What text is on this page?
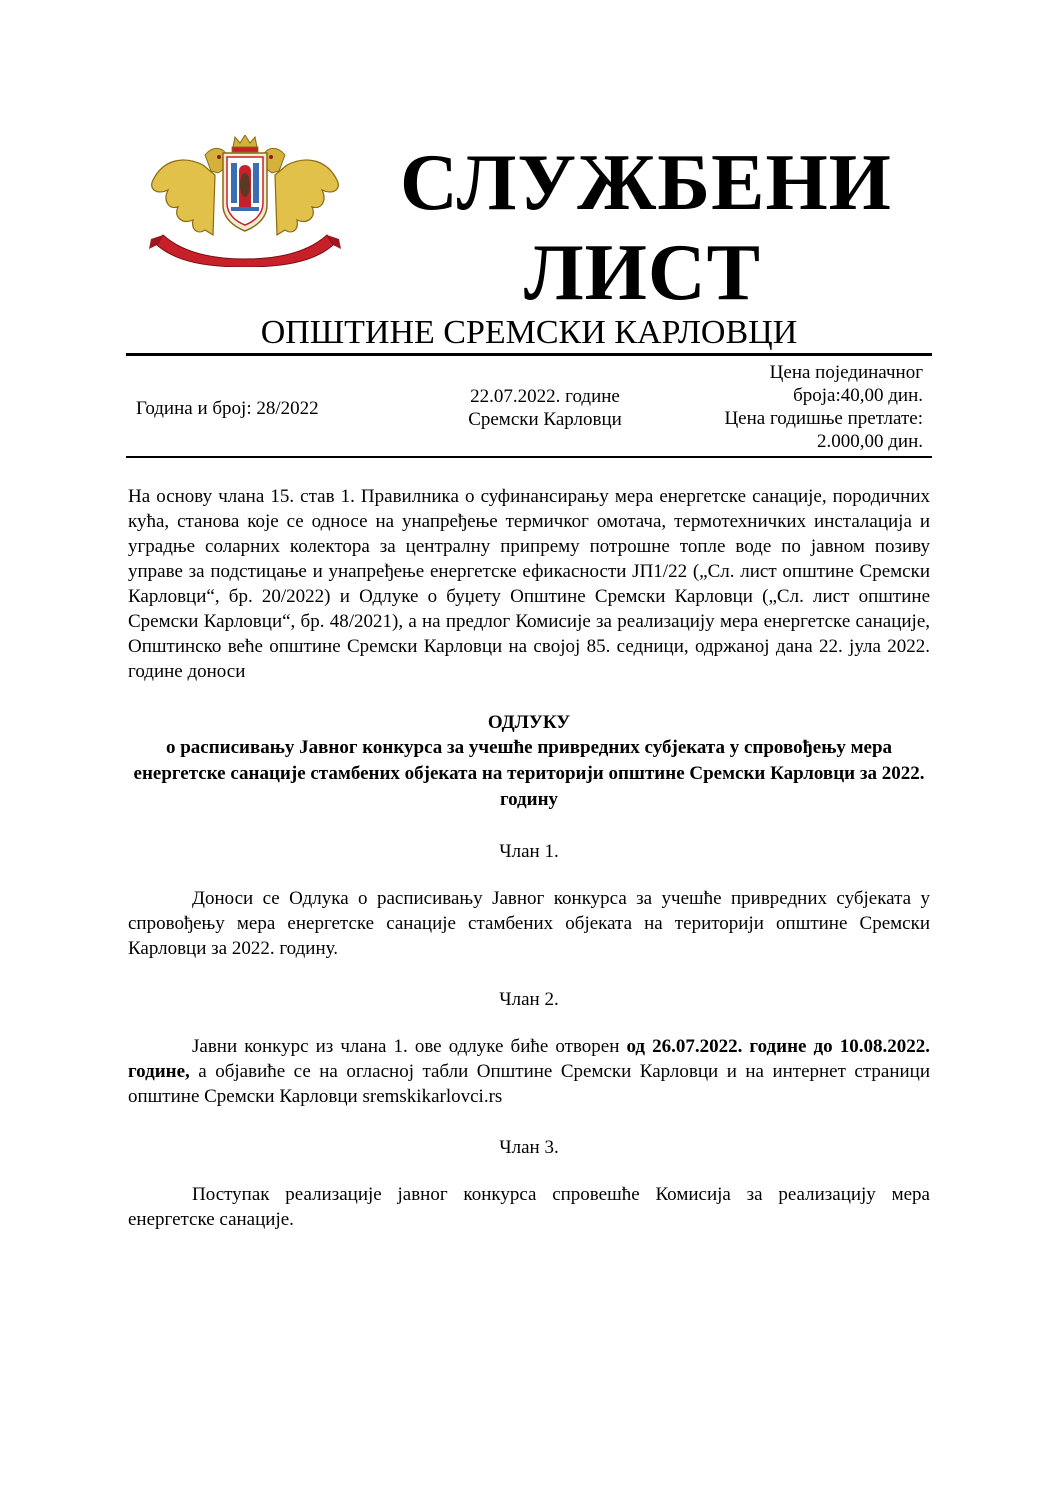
СЛУЖБЕНИ
ЛИСТ
ОПШТИНЕ СРЕМСКИ КАРЛОВЦИ
Година и број: 28/2022
22.07.2022. године
Сремски Карловци
Цена појединачног
броја:40,00 дин.
Цена годишње претлате:
2.000,00 дин.

На основу члана 15. став 1. Правилника о суфинансирању мера енергетске санације, породичних кућа, станова које се односе на унапређење термичког омотача, термотехничких инсталација и уградње соларних колектора за централну припрему потрошне топле воде по јавном позиву управе за подстицање и унапређење енергетске ефикасности ЈП1/22 („Сл. лист општине Сремски Карловци“, бр. 20/2022) и Одлуке о буџету Општине Сремски Карловци („Сл. лист општине Сремски Карловци“, бр. 48/2021), а на предлог Комисије за реализацију мера енергетске санације, Општинско веће општине Сремски Карловци на својој 85. седници, одржаној дана 22. јула 2022. године доноси

ОДЛУКУ

о расписивању Јавног конкурса за учешће привредних субјеката у спровођењу мера енергетске санације стамбених објеката на територији општине Сремски Карловци за 2022. годину

Члан 1.

Доноси се Одлука о расписивању Јавног конкурса за учешће привредних субјеката у спровођењу мера енергетске санације стамбених објеката на територији општине Сремски Карловци за 2022. годину.

Члан 2.

Јавни конкурс из члана 1. ове одлуке биће отворен од 26.07.2022. године до 10.08.2022. године, а објавиће се на огласној табли Општине Сремски Карловци и на интернет страници општине Сремски Карловци sremskikarlovci.rs

Члан 3.

Поступак реализације јавног конкурса спровешће Комисија за реализацију мера енергетске санације.
